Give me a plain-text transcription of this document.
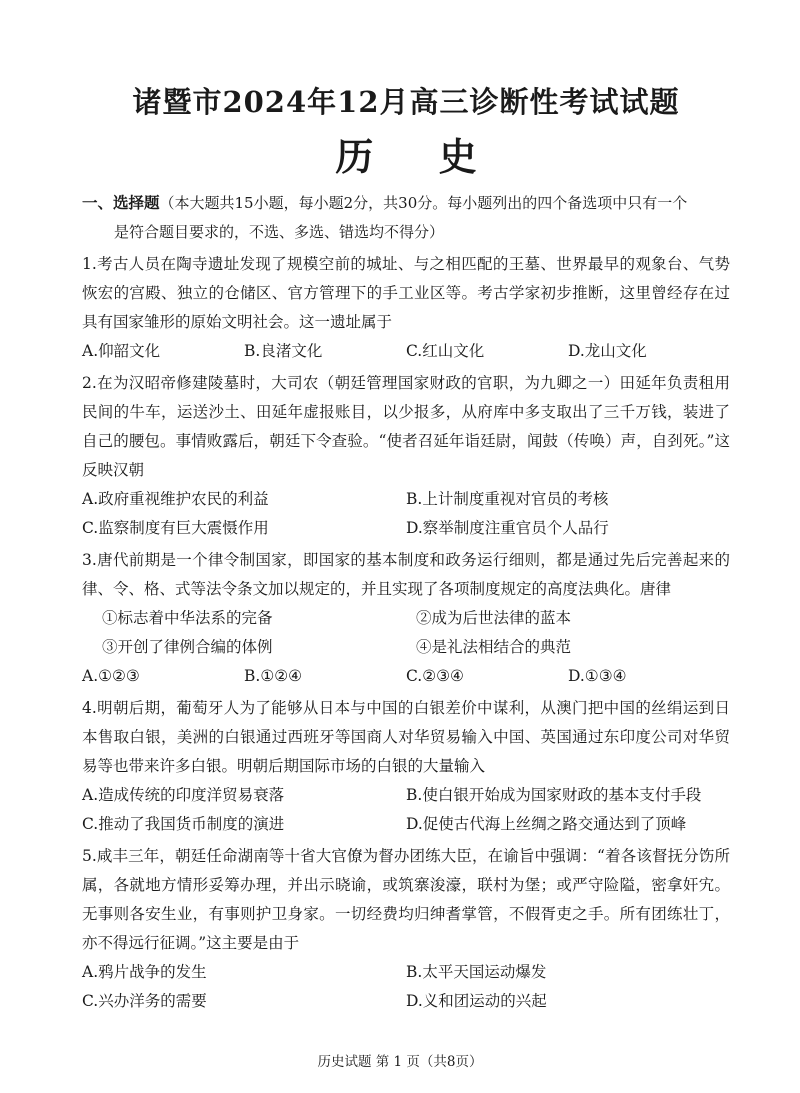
诸暨市2024年12月高三诊断性考试试题
历 史
一、选择题（本大题共15小题，每小题2分，共30分。每小题列出的四个备选项中只有一个
是符合题目要求的，不选、多选、错选均不得分）
1.考古人员在陶寺遗址发现了规模空前的城址、与之相匹配的王墓、世界最早的观象台、气势恢宏的宫殿、独立的仓储区、官方管理下的手工业区等。考古学家初步推断，这里曾经存在过具有国家雏形的原始文明社会。这一遗址属于
A.仰韶文化	B.良渚文化	C.红山文化	D.龙山文化
2.在为汉昭帝修建陵墓时，大司农（朝廷管理国家财政的官职，为九卿之一）田延年负责租用民间的牛车，运送沙土、田延年虚报账目，以少报多，从府库中多支取出了三千万钱，装进了自己的腰包。事情败露后，朝廷下令查验。“使者召延年诣廷尉，闻鼓（传唤）声，自刭死。”这反映汉朝
A.政府重视维护农民的利益	B.上计制度重视对官员的考核
C.监察制度有巨大震慑作用	D.察举制度注重官员个人品行
3.唐代前期是一个律令制国家，即国家的基本制度和政务运行细则，都是通过先后完善起来的律、令、格、式等法令条文加以规定的，并且实现了各项制度规定的高度法典化。唐律
①标志着中华法系的完备	②成为后世法律的蓝本
③开创了律例合编的体例	④是礼法相结合的典范
A.①②③	B.①②④	C.②③④	D.①③④
4.明朝后期，葡萄牙人为了能够从日本与中国的白银差价中谋利，从澳门把中国的丝绢运到日本售取白银，美洲的白银通过西班牙等国商人对华贸易输入中国、英国通过东印度公司对华贸易等也带来许多白银。明朝后期国际市场的白银的大量输入
A.造成传统的印度洋贸易衰落	B.使白银开始成为国家财政的基本支付手段
C.推动了我国货币制度的演进	D.促使古代海上丝绸之路交通达到了顶峰
5.咸丰三年，朝廷任命湖南等十省大官僚为督办团练大臣，在谕旨中强调：“着各该督抚分饬所属，各就地方情形妥筹办理，并出示晓谕，或筑寨浚濠，联村为堡；或严守险隘，密拿奸宄。无事则各安生业，有事则护卫身家。一切经费均归绅耆掌管，不假胥吏之手。所有团练壮丁，亦不得远行征调。”这主要是由于
A.鸦片战争的发生	B.太平天国运动爆发
C.兴办洋务的需要	D.义和团运动的兴起
历史试题 第 1 页（共8页）
